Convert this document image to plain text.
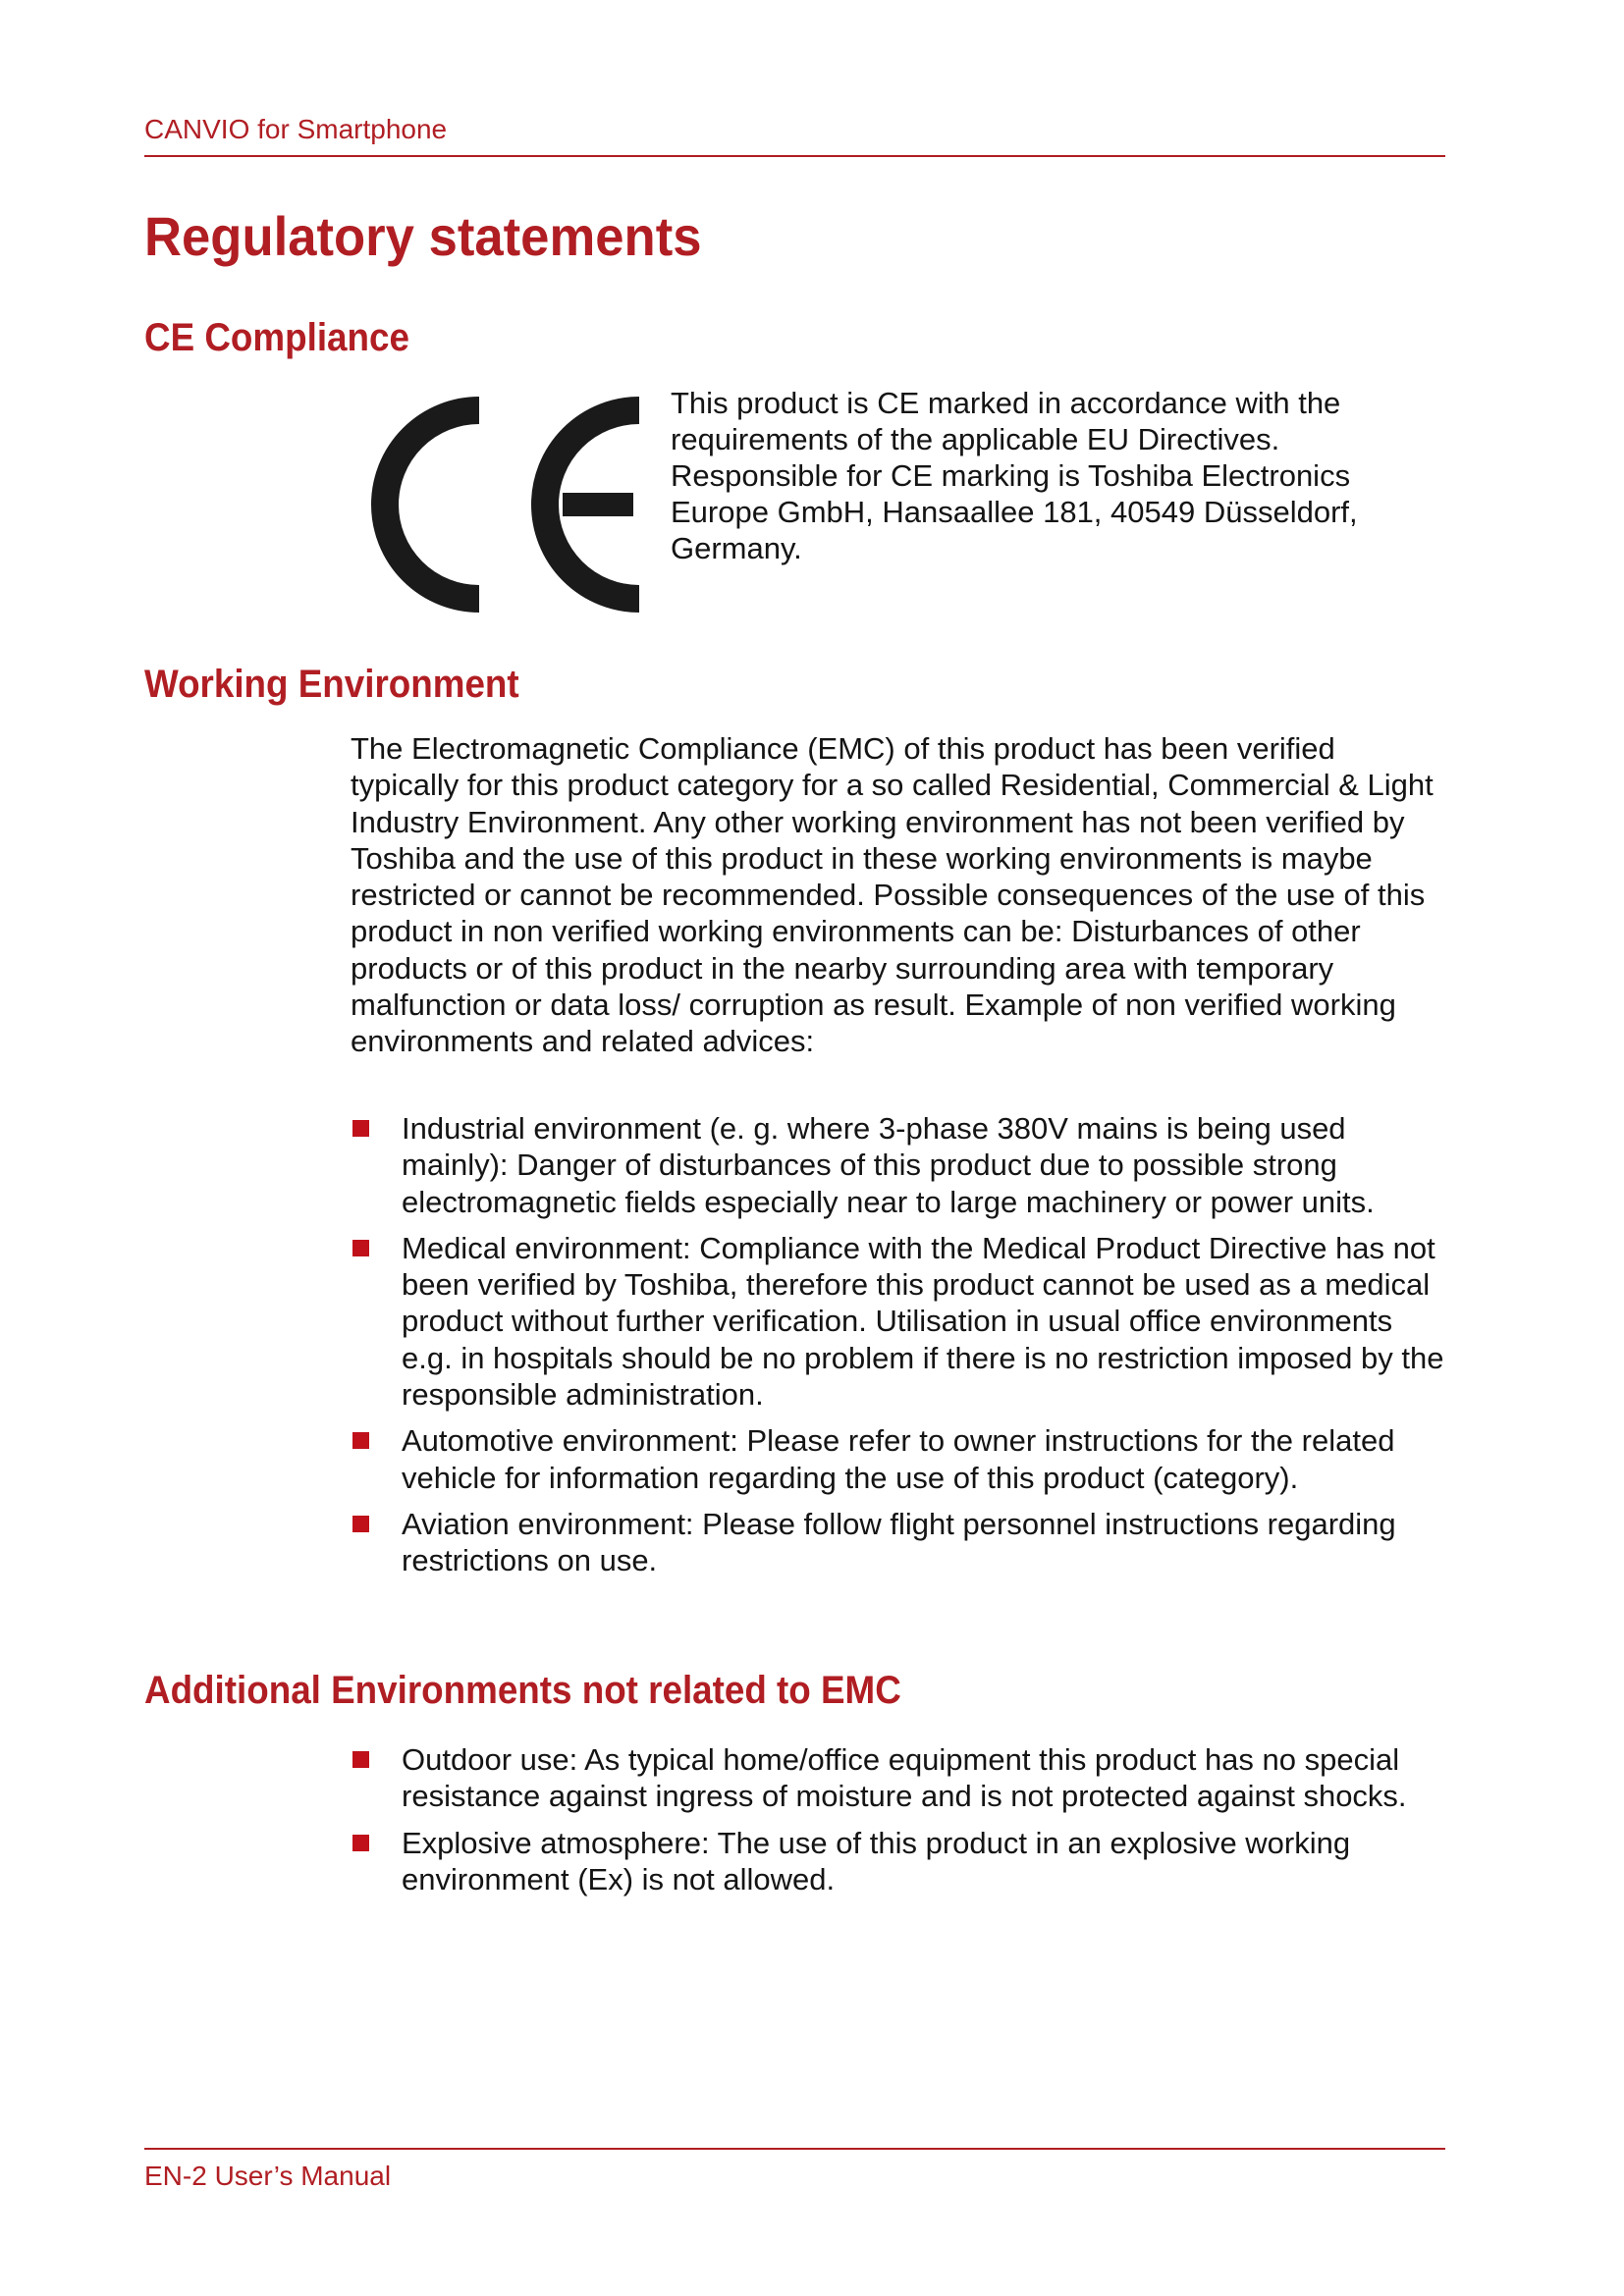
CANVIO for Smartphone

Regulatory statements
CE Compliance

This product is CE marked in accordance with the requirements of the applicable EU Directives. Responsible for CE marking is Toshiba Electronics Europe GmbH, Hansaallee 181, 40549 Düsseldorf, Germany.

Working Environment

The Electromagnetic Compliance (EMC) of this product has been verified typically for this product category for a so called Residential, Commercial & Light Industry Environment. Any other working environment has not been verified by Toshiba and the use of this product in these working environments is maybe restricted or cannot be recommended. Possible consequences of the use of this product in non verified working environments can be: Disturbances of other products or of this product in the nearby surrounding area with temporary malfunction or data loss/ corruption as result. Example of non verified working environments and related advices:

Industrial environment (e. g. where 3-phase 380V mains is being used mainly): Danger of disturbances of this product due to possible strong electromagnetic fields especially near to large machinery or power units.
Medical environment: Compliance with the Medical Product Directive has not been verified by Toshiba, therefore this product cannot be used as a medical product without further verification. Utilisation in usual office environments e.g. in hospitals should be no problem if there is no restriction imposed by the responsible administration.
Automotive environment: Please refer to owner instructions for the related vehicle for information regarding the use of this product (category).
Aviation environment: Please follow flight personnel instructions regarding restrictions on use.
Additional Environments not related to EMC
Outdoor use: As typical home/office equipment this product has no special resistance against ingress of moisture and is not protected against shocks.
Explosive atmosphere: The use of this product in an explosive working environment (Ex) is not allowed.

EN-2 User’s Manual
